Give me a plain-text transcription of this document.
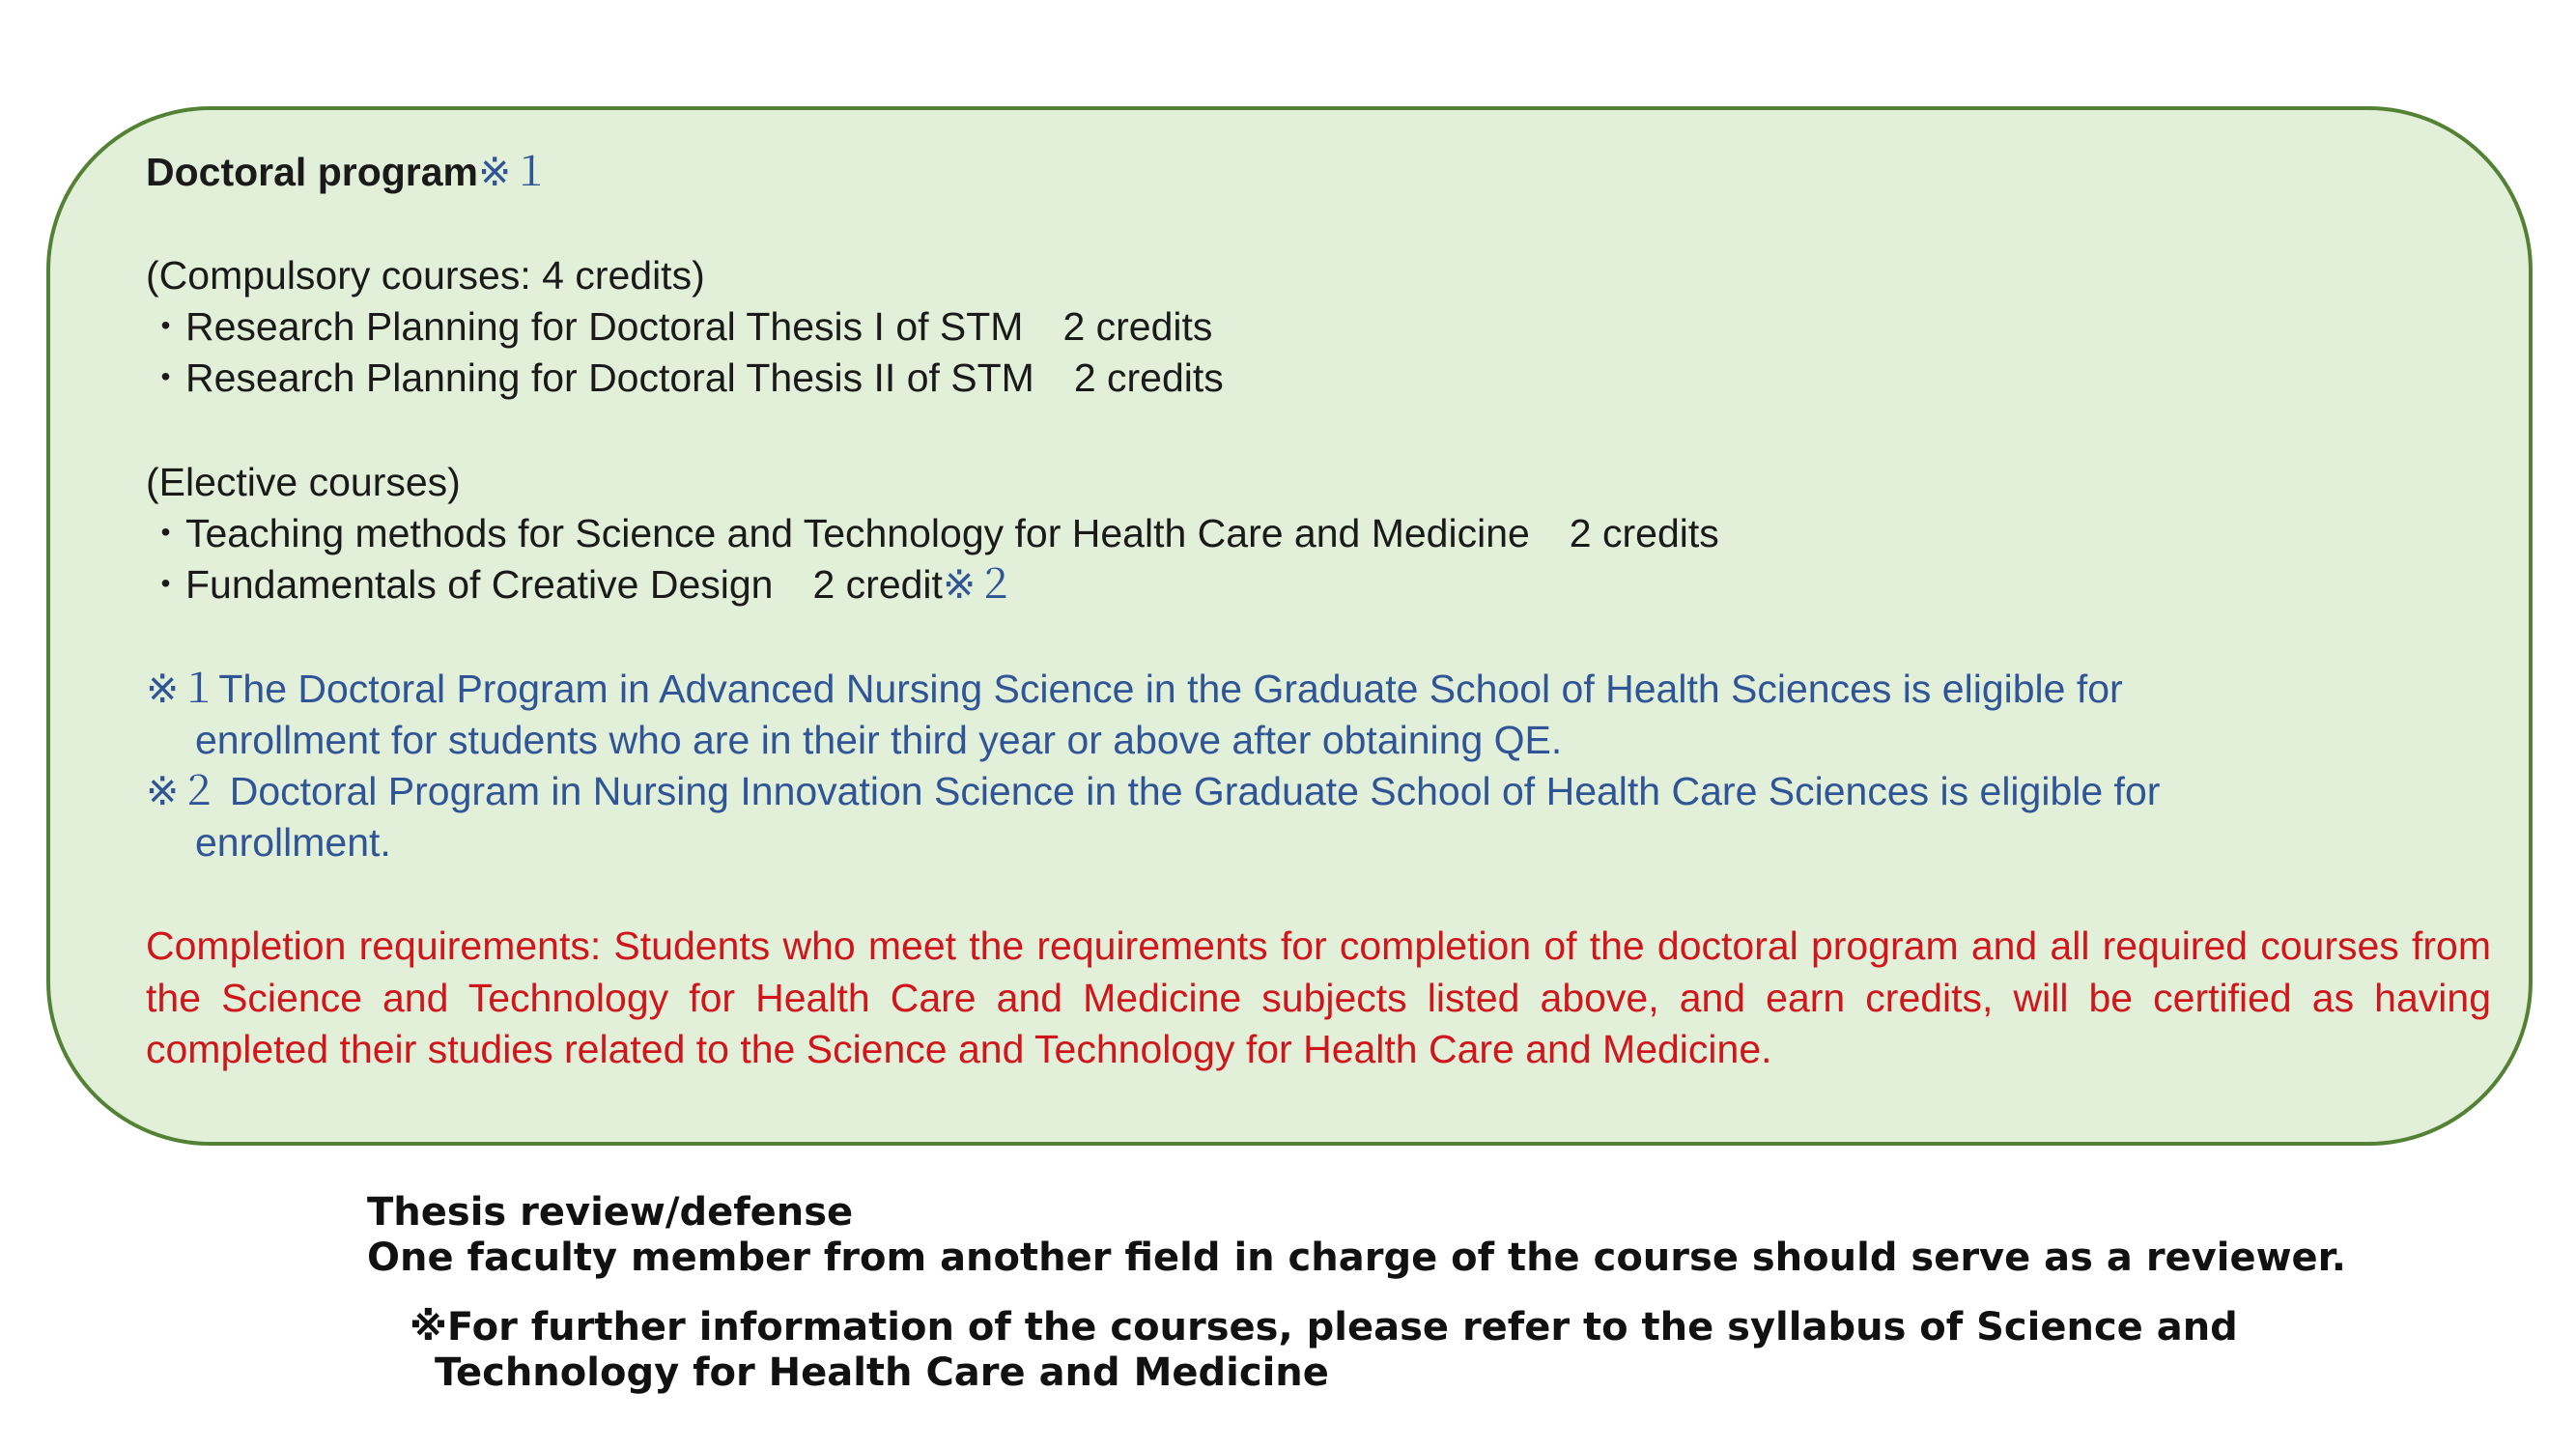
Doctoral program※１

(Compulsory courses: 4 credits)

・Research Planning for Doctoral Thesis I of STM　2 credits

・Research Planning for Doctoral Thesis II of STM　2 credits

(Elective courses)

・Teaching methods for Science and Technology for Health Care and Medicine　2 credits

・Fundamentals of Creative Design　2 credit※２

※１The Doctoral Program in Advanced Nursing Science in the Graduate School of Health Sciences is eligible for

enrollment for students who are in their third year or above after obtaining QE.

※２ Doctoral Program in Nursing Innovation Science in the Graduate School of Health Care Sciences is eligible for

enrollment.

Completion requirements: Students who meet the requirements for completion of the doctoral program and all required courses from the Science and Technology for Health Care and Medicine subjects listed above, and earn credits, will be certified as having completed their studies related to the Science and Technology for Health Care and Medicine.

Thesis review/defense

One faculty member from another field in charge of the course should serve as a reviewer.

※For further information of the courses, please refer to the syllabus of Science and

Technology for Health Care and Medicine
